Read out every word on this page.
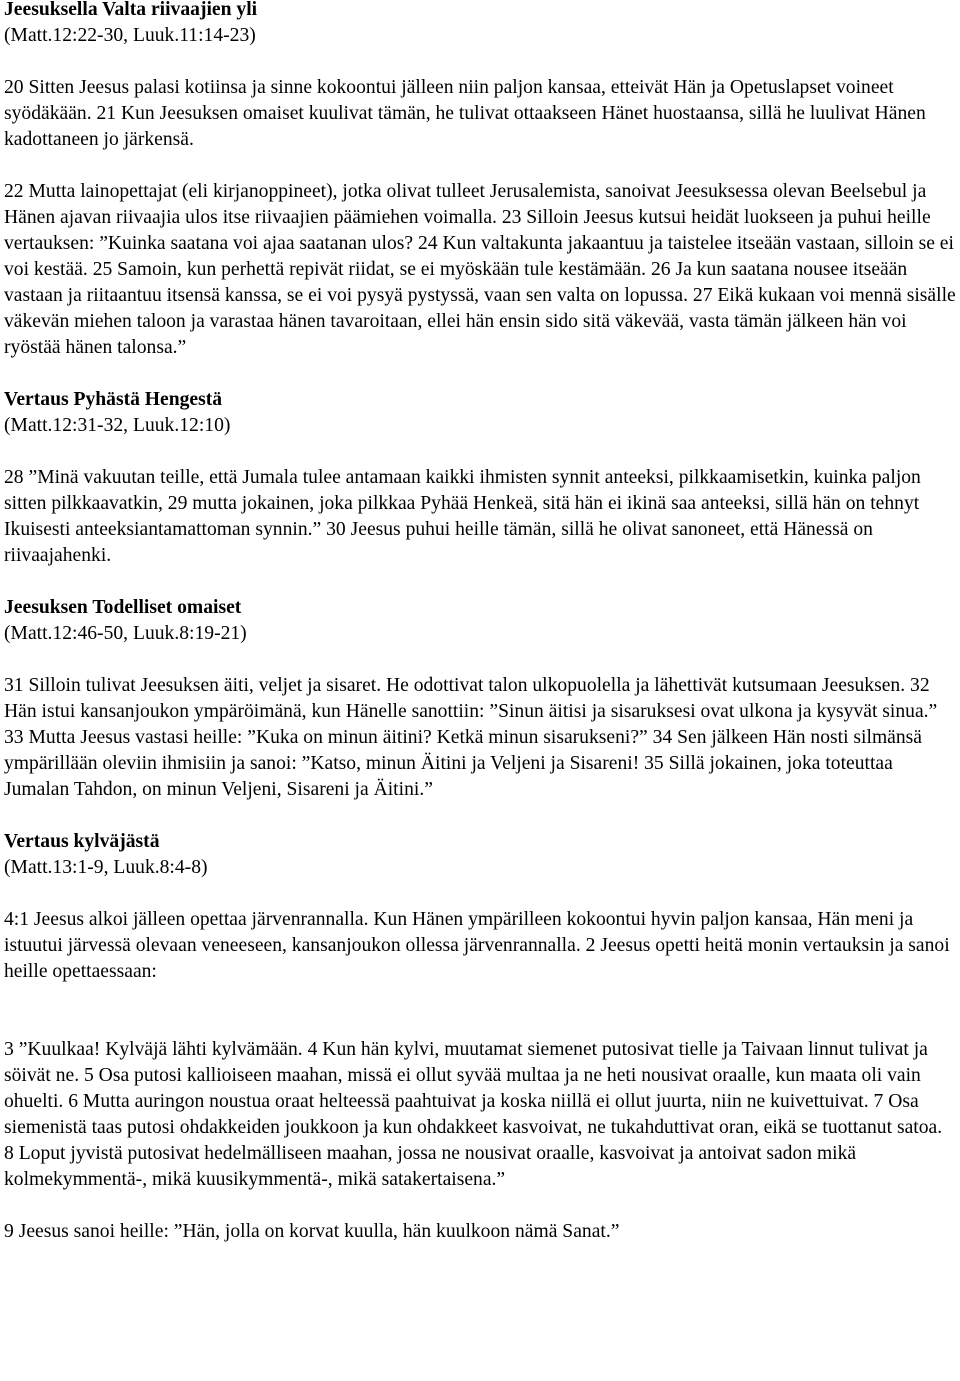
Jeesuksella Valta riivaajien yli
(Matt.12:22-30, Luuk.11:14-23)

20 Sitten Jeesus palasi kotiinsa ja sinne kokoontui jälleen niin paljon kansaa, etteivät Hän ja Opetuslapset voineet syödäkään. 21 Kun Jeesuksen omaiset kuulivat tämän, he tulivat ottaakseen Hänet huostaansa, sillä he luulivat Hänen kadottaneen jo järkensä.

22 Mutta lainopettajat (eli kirjanoppineet), jotka olivat tulleet Jerusalemista, sanoivat Jeesuksessa olevan Beelsebul ja Hänen ajavan riivaajia ulos itse riivaajien päämiehen voimalla. 23 Silloin Jeesus kutsui heidät luokseen ja puhui heille vertauksen: ”Kuinka saatana voi ajaa saatanan ulos? 24 Kun valtakunta jakaantuu ja taistelee itseään vastaan, silloin se ei voi kestää. 25 Samoin, kun perhettä repivät riidat, se ei myöskään tule kestämään. 26 Ja kun saatana nousee itseään vastaan ja riitaantuu itsensä kanssa, se ei voi pysyä pystyssä, vaan sen valta on lopussa. 27 Eikä kukaan voi mennä sisälle väkevän miehen taloon ja varastaa hänen tavaroitaan, ellei hän ensin sido sitä väkevää, vasta tämän jälkeen hän voi ryöstää hänen talonsa.”

Vertaus Pyhästä Hengestä
(Matt.12:31-32, Luuk.12:10)

28 ”Minä vakuutan teille, että Jumala tulee antamaan kaikki ihmisten synnit anteeksi, pilkkaamisetkin, kuinka paljon sitten pilkkaavatkin, 29 mutta jokainen, joka pilkkaa Pyhää Henkeä, sitä hän ei ikinä saa anteeksi, sillä hän on tehnyt Ikuisesti anteeksiantamattoman synnin.” 30 Jeesus puhui heille tämän, sillä he olivat sanoneet, että Hänessä on riivaajahenki.

Jeesuksen Todelliset omaiset
(Matt.12:46-50, Luuk.8:19-21)

31 Silloin tulivat Jeesuksen äiti, veljet ja sisaret. He odottivat talon ulkopuolella ja lähettivät kutsumaan Jeesuksen. 32 Hän istui kansanjoukon ympäröimänä, kun Hänelle sanottiin: ”Sinun äitisi ja sisaruksesi ovat ulkona ja kysyvät sinua.” 33 Mutta Jeesus vastasi heille: ”Kuka on minun äitini? Ketkä minun sisarukseni?” 34 Sen jälkeen Hän nosti silmänsä ympärillään oleviin ihmisiin ja sanoi: ”Katso, minun Äitini ja Veljeni ja Sisareni! 35 Sillä jokainen, joka toteuttaa Jumalan Tahdon, on minun Veljeni, Sisareni ja Äitini.”

Vertaus kylväjästä
(Matt.13:1-9, Luuk.8:4-8)

4:1 Jeesus alkoi jälleen opettaa järvenrannalla. Kun Hänen ympärilleen kokoontui hyvin paljon kansaa, Hän meni ja istuutui järvessä olevaan veneeseen, kansanjoukon ollessa järvenrannalla. 2 Jeesus opetti heitä monin vertauksin ja sanoi heille opettaessaan:

3 ”Kuulkaa! Kylväjä lähti kylvämään. 4 Kun hän kylvi, muutamat siemenet putosivat tielle ja Taivaan linnut tulivat ja söivät ne. 5 Osa putosi kallioiseen maahan, missä ei ollut syvää multaa ja ne heti nousivat oraalle, kun maata oli vain ohuelti. 6 Mutta auringon noustua oraat helteessä paahtuivat ja koska niillä ei ollut juurta, niin ne kuivettuivat. 7 Osa siemenistä taas putosi ohdakkeiden joukkoon ja kun ohdakkeet kasvoivat, ne tukahduttivat oran, eikä se tuottanut satoa. 8 Loput jyvistä putosivat hedelmälliseen maahan, jossa ne nousivat oraalle, kasvoivat ja antoivat sadon mikä kolmekymmentä-, mikä kuusikymmentä-, mikä satakertaisena.”

9 Jeesus sanoi heille: ”Hän, jolla on korvat kuulla, hän kuulkoon nämä Sanat.”
